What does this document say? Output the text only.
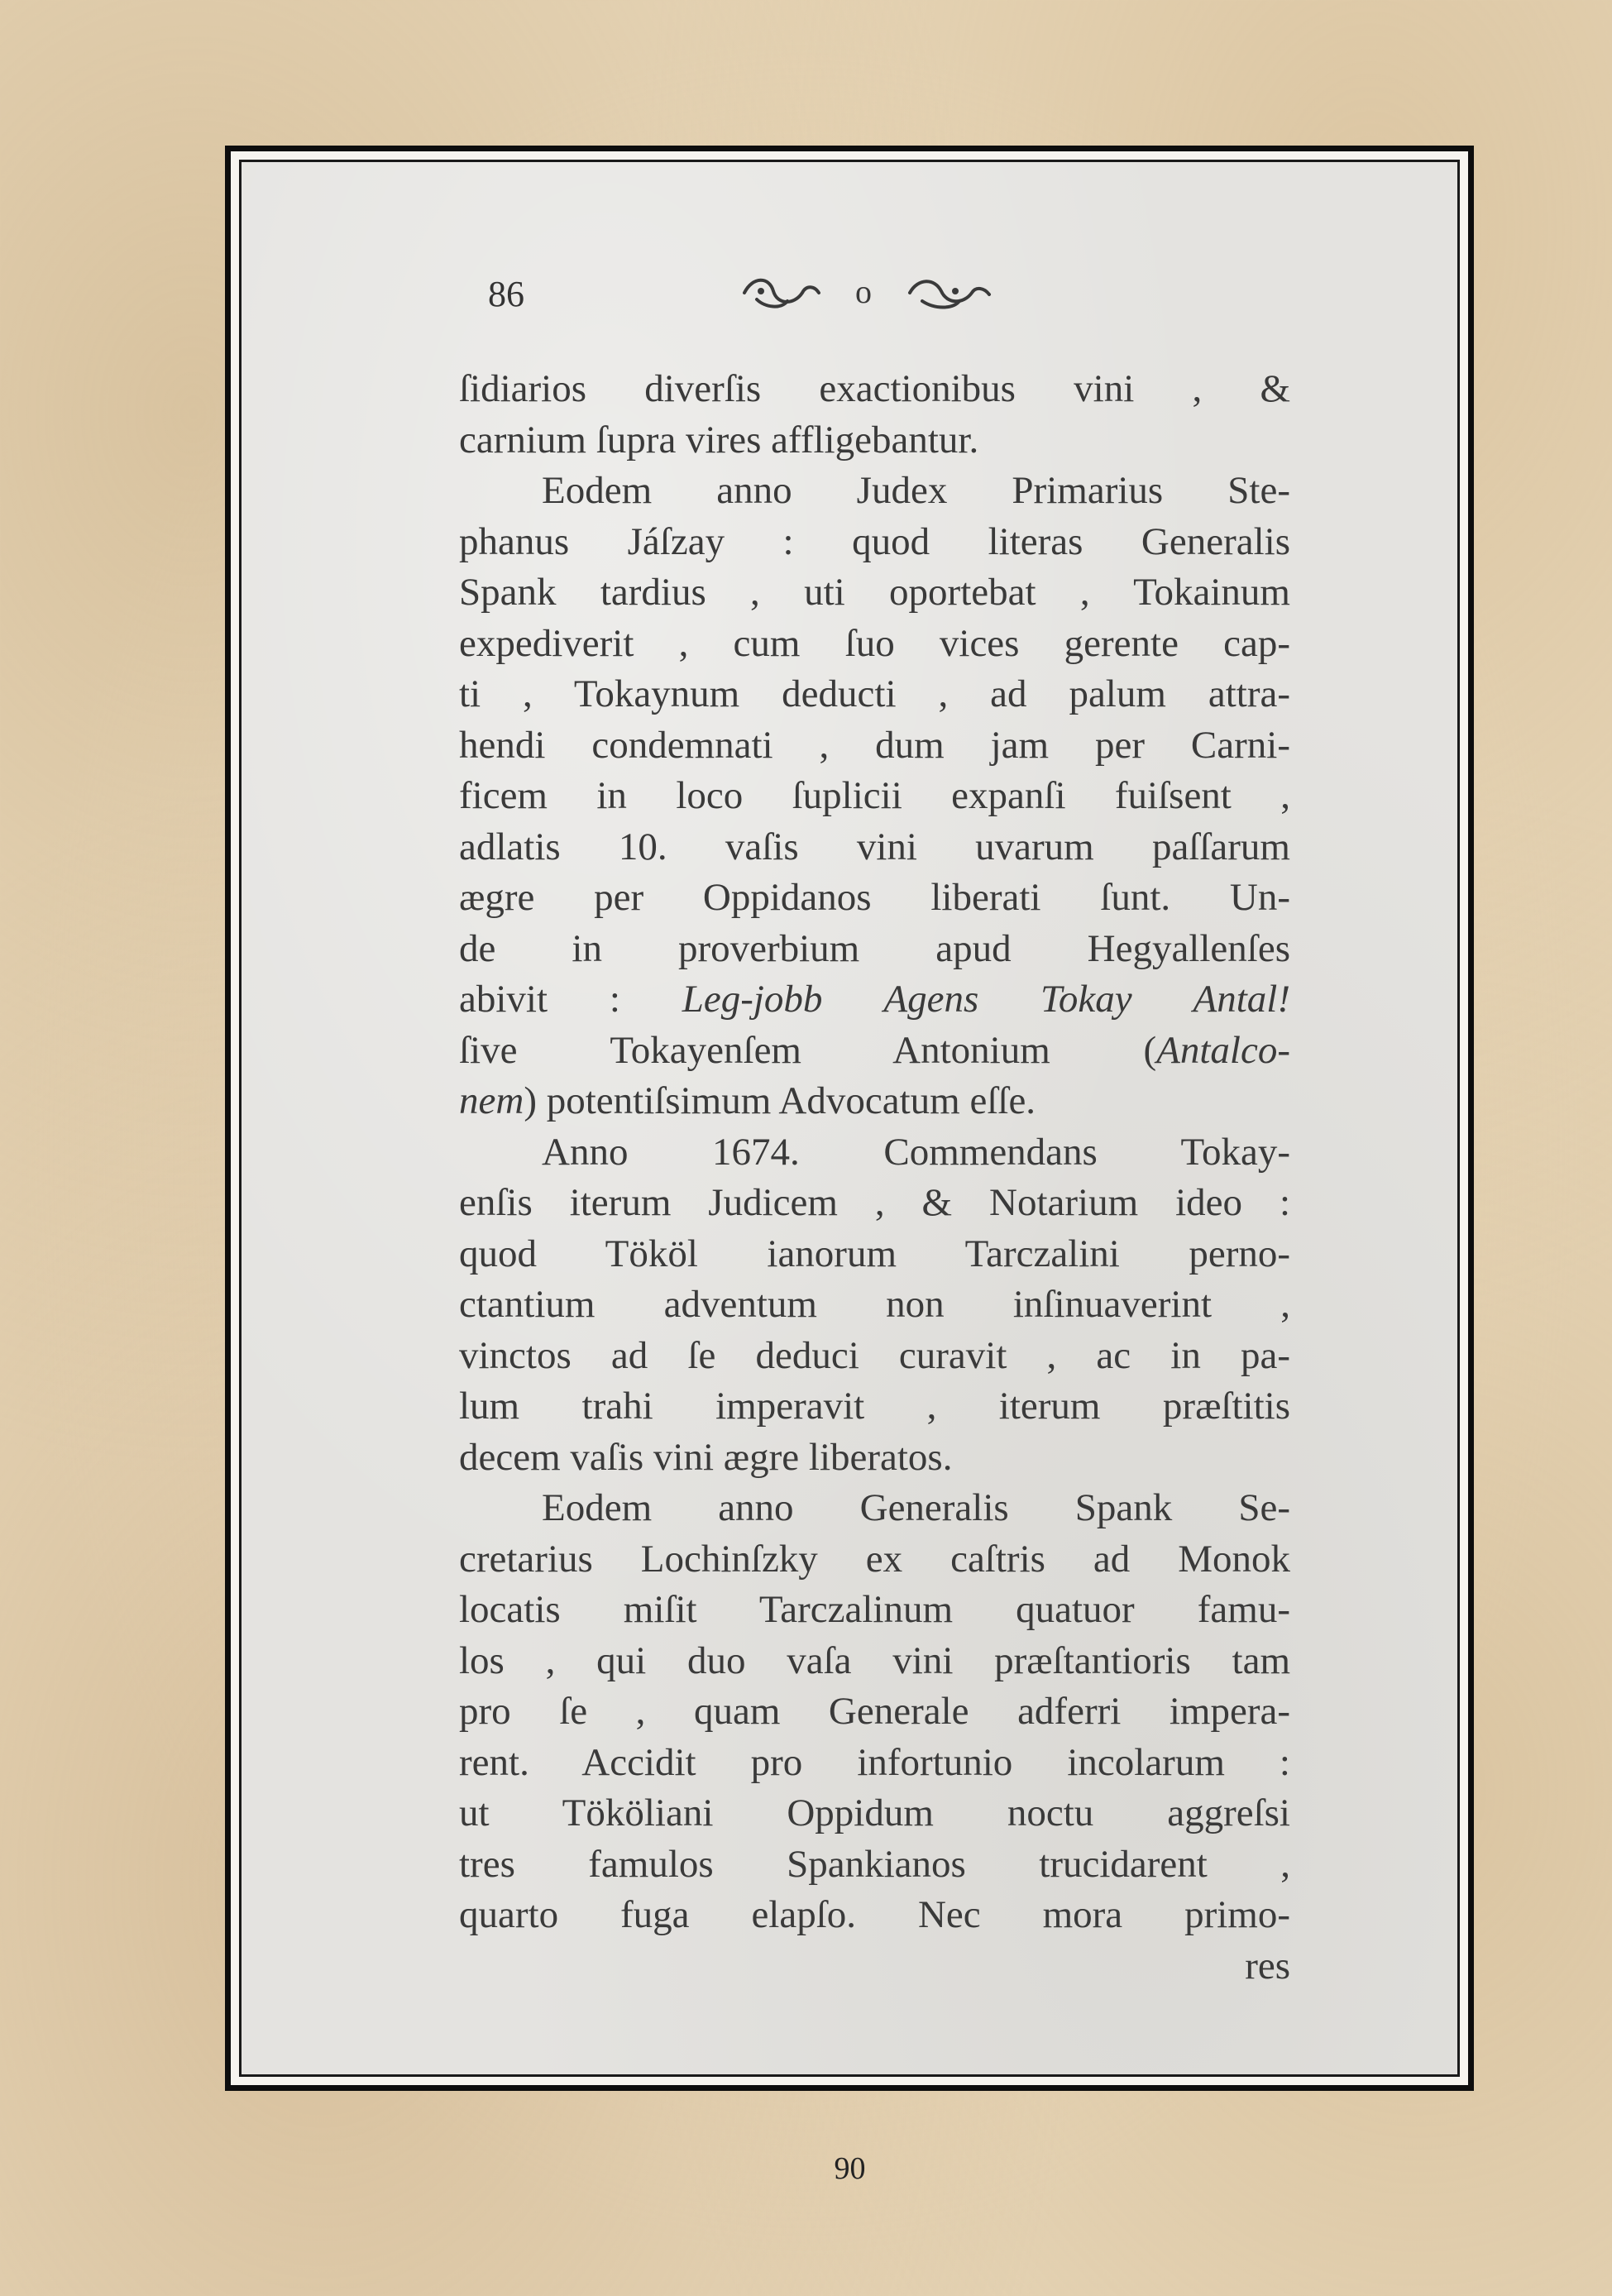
86	o
ſidiarios diverſis exactionibus vini , &
carnium ſupra vires affligebantur.
Eodem anno Judex Primarius Ste-
phanus Jáſzay : quod literas Generalis
Spank tardius , uti oportebat , Tokainum
expediverit , cum ſuo vices gerente cap-
ti , Tokaynum deducti , ad palum attra-
hendi condemnati , dum jam per Carni-
ficem in loco ſuplicii expanſi fuiſsent ,
adlatis 10. vaſis vini uvarum paſſarum
ægre per Oppidanos liberati ſunt. Un-
de in proverbium apud Hegyallenſes
abivit : Leg-jobb Agens Tokay Antal!
ſive Tokayenſem Antonium (Antalco-
nem) potentiſsimum Advocatum eſſe.
Anno 1674. Commendans Tokay-
enſis iterum Judicem , & Notarium ideo :
quod Tököl ianorum Tarczalini perno-
ctantium adventum non inſinuaverint ,
vinctos ad ſe deduci curavit , ac in pa-
lum trahi imperavit , iterum præſtitis
decem vaſis vini ægre liberatos.
Eodem anno Generalis Spank Se-
cretarius Lochinſzky ex caſtris ad Monok
locatis miſit Tarczalinum quatuor famu-
los , qui duo vaſa vini præſtantioris tam
pro ſe , quam Generale adferri impera-
rent. Accidit pro infortunio incolarum :
ut Tököliani Oppidum noctu aggreſsi
tres famulos Spankianos trucidarent ,
quarto fuga elapſo. Nec mora primo-
res
90
